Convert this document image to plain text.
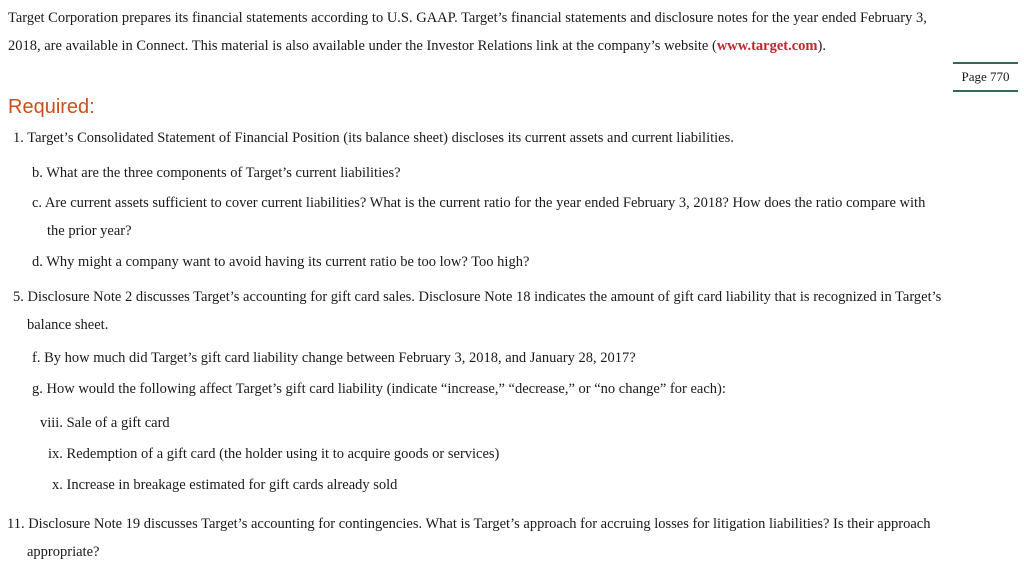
Target Corporation prepares its financial statements according to U.S. GAAP. Target’s financial statements and disclosure notes for the year ended February 3,
2018, are available in Connect. This material is also available under the Investor Relations link at the company’s website (www.target.com).
Page 770
Required:
1. Target’s Consolidated Statement of Financial Position (its balance sheet) discloses its current assets and current liabilities.
b. What are the three components of Target’s current liabilities?
c. Are current assets sufficient to cover current liabilities? What is the current ratio for the year ended February 3, 2018? How does the ratio compare with
the prior year?
d. Why might a company want to avoid having its current ratio be too low? Too high?
5. Disclosure Note 2 discusses Target’s accounting for gift card sales. Disclosure Note 18 indicates the amount of gift card liability that is recognized in Target’s
balance sheet.
f. By how much did Target’s gift card liability change between February 3, 2018, and January 28, 2017?
g. How would the following affect Target’s gift card liability (indicate “increase,” “decrease,” or “no change” for each):
viii. Sale of a gift card
ix. Redemption of a gift card (the holder using it to acquire goods or services)
x. Increase in breakage estimated for gift cards already sold
11. Disclosure Note 19 discusses Target’s accounting for contingencies. What is Target’s approach for accruing losses for litigation liabilities? Is their approach
appropriate?
